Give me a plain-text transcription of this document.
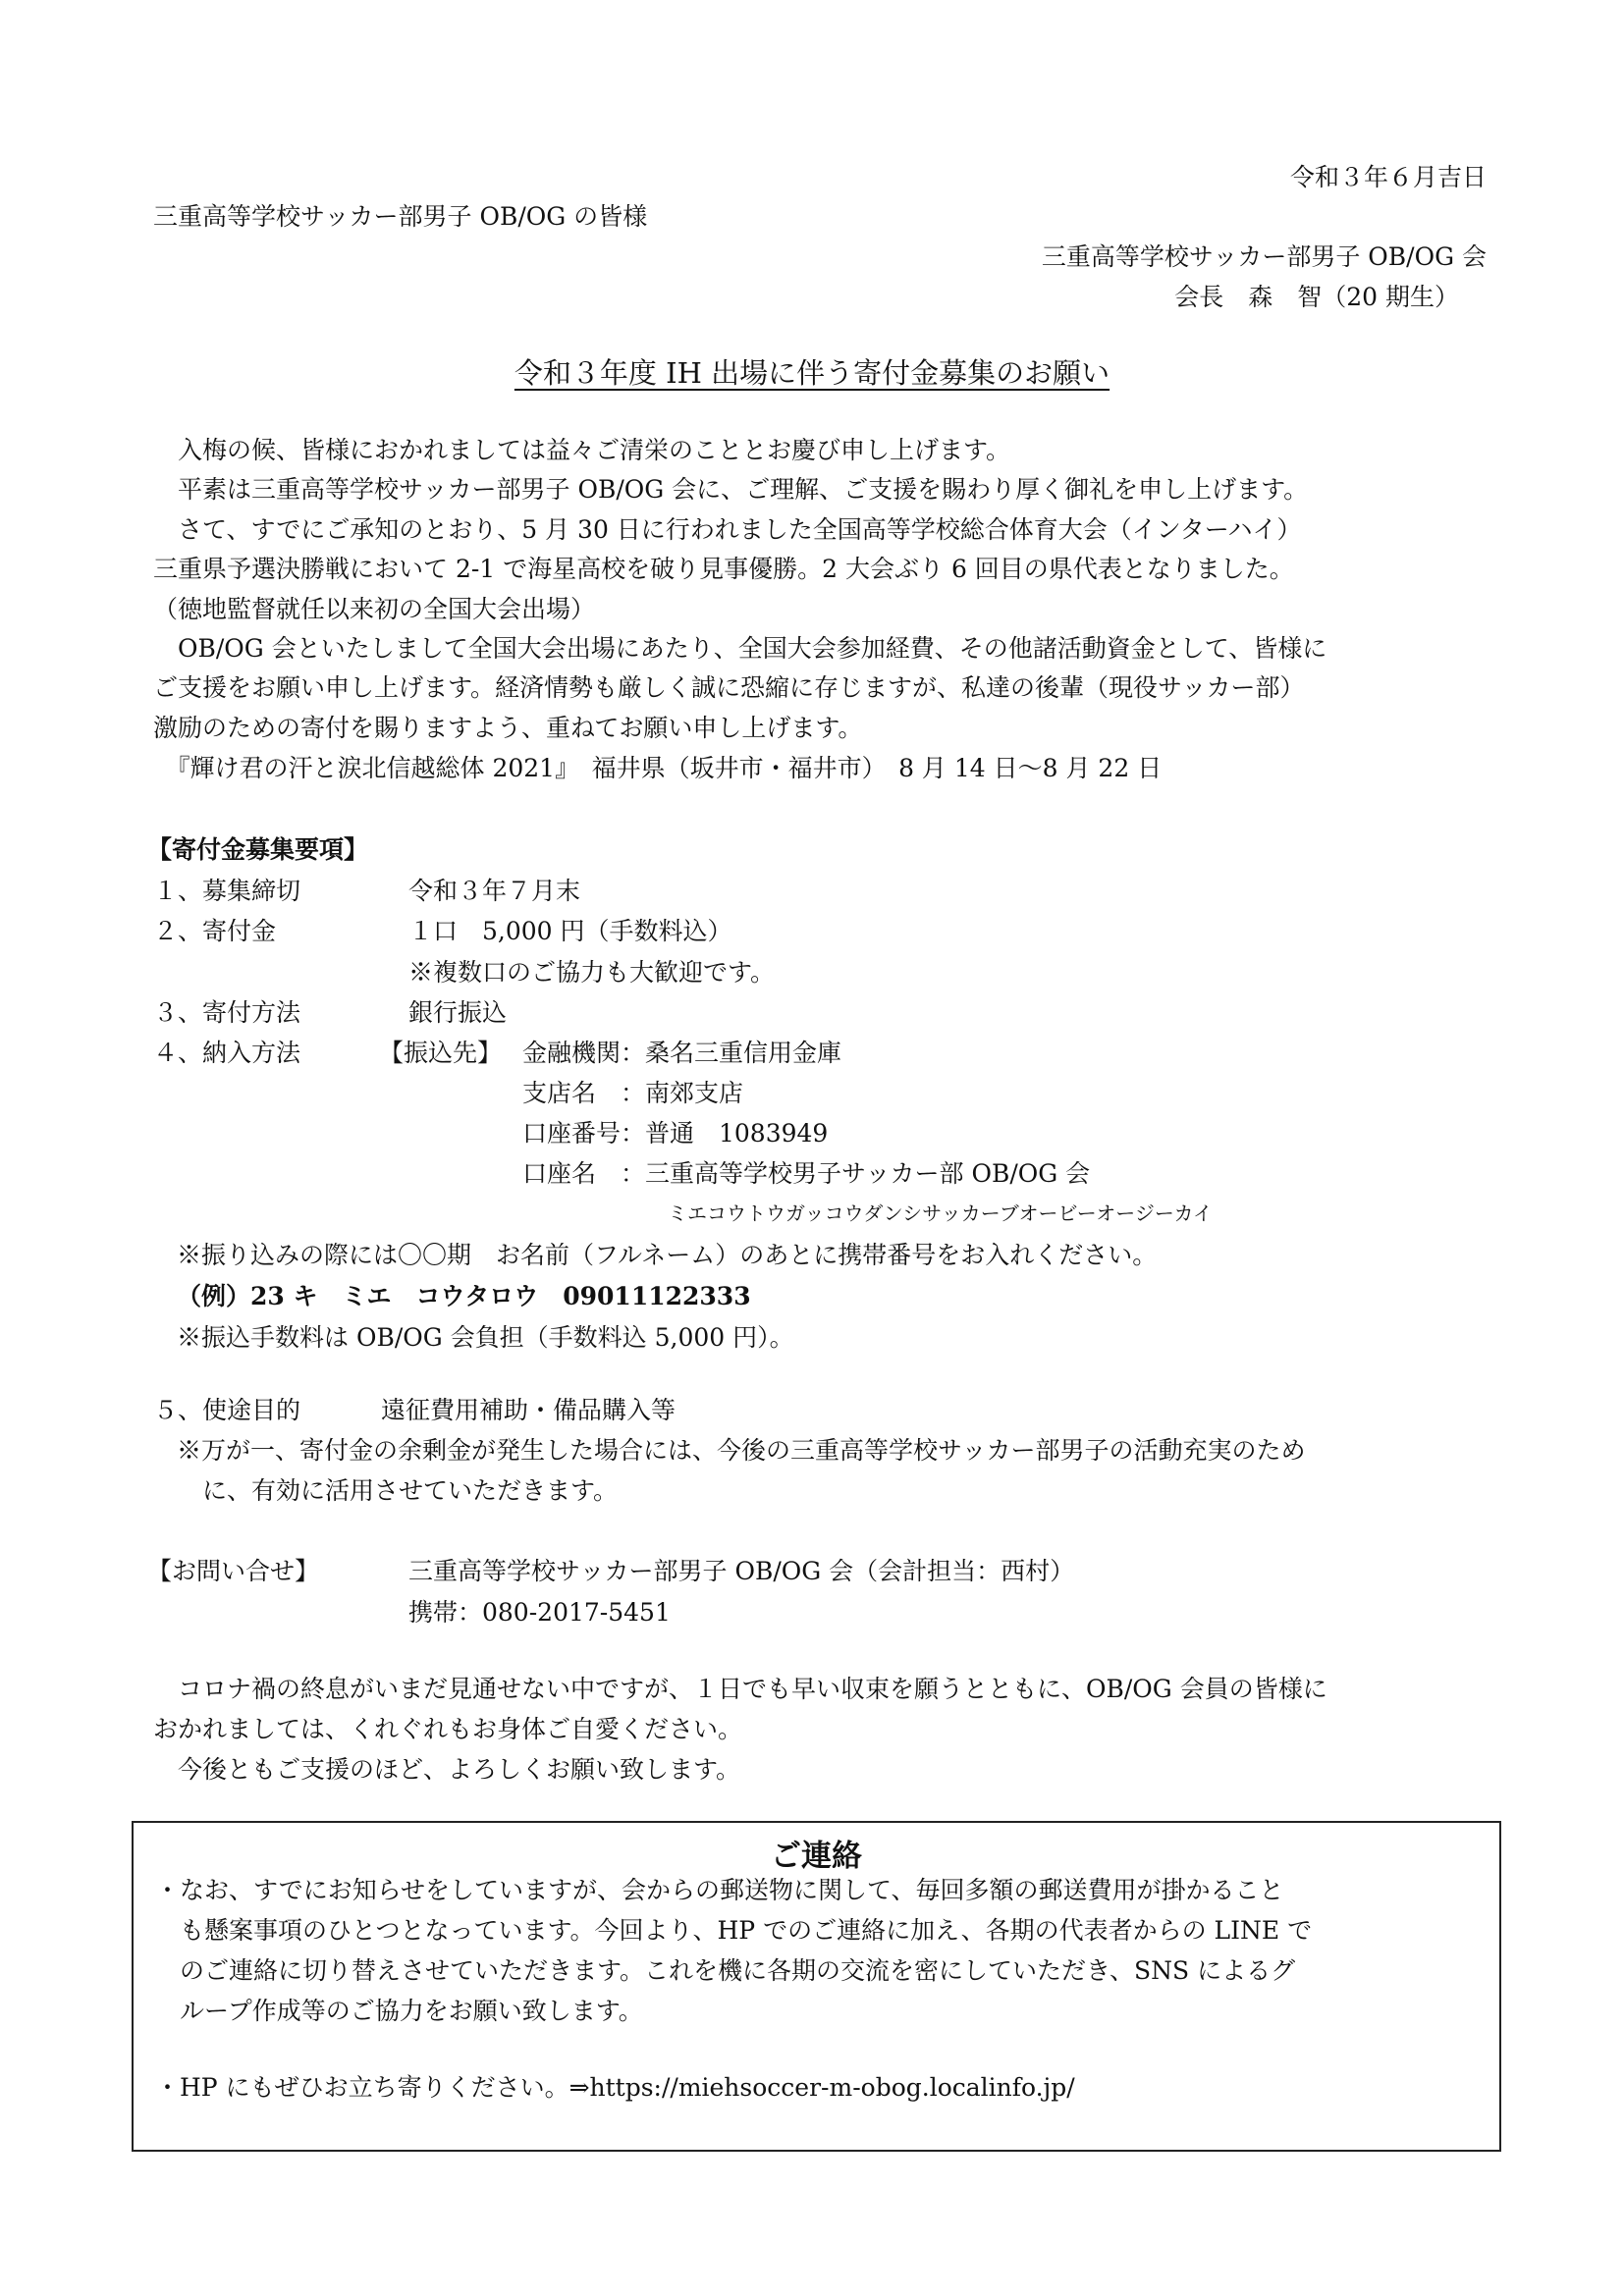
令和３年６月吉日
三重高等学校サッカー部男子 OB/OG の皆様
三重高等学校サッカー部男子 OB/OG 会
会長　森　智（20 期生）
令和３年度 IH 出場に伴う寄付金募集のお願い
　入梅の候、皆様におかれましては益々ご清栄のこととお慶び申し上げます。
　平素は三重高等学校サッカー部男子 OB/OG 会に、ご理解、ご支援を賜わり厚く御礼を申し上げます。
　さて、すでにご承知のとおり、5 月 30 日に行われました全国高等学校総合体育大会（インターハイ）
三重県予選決勝戦において 2-1 で海星高校を破り見事優勝。2 大会ぶり 6 回目の県代表となりました。
（徳地監督就任以来初の全国大会出場）
　OB/OG 会といたしまして全国大会出場にあたり、全国大会参加経費、その他諸活動資金として、皆様に
ご支援をお願い申し上げます。経済情勢も厳しく誠に恐縮に存じますが、私達の後輩（現役サッカー部）
激励のための寄付を賜りますよう、重ねてお願い申し上げます。
　『輝け君の汗と涙北信越総体 2021』　福井県（坂井市・福井市）　8 月 14 日〜8 月 22 日
【寄付金募集要項】
１、募集締切	令和３年７月末
２、寄付金	１口　5,000 円（手数料込）
※複数口のご協力も大歓迎です。
３、寄付方法	銀行振込
４、納入方法	【振込先】 金融機関：桑名三重信用金庫
支店名　：南郊支店
口座番号：普通　1083949
口座名　：三重高等学校男子サッカー部 OB/OG 会
ミエコウトウガッコウダンシサッカーブオービーオージーカイ
※振り込みの際には〇〇期　お名前（フルネーム）のあとに携帯番号をお入れください。
（例）23 キ　ミエ　コウタロウ　09011122333
※振込手数料は OB/OG 会負担（手数料込 5,000 円）。
５、使途目的	遠征費用補助・備品購入等
※万が一、寄付金の余剰金が発生した場合には、今後の三重高等学校サッカー部男子の活動充実のため
に、有効に活用させていただきます。
【お問い合せ】	三重高等学校サッカー部男子 OB/OG 会（会計担当：西村）
携帯：080-2017-5451
　コロナ禍の終息がいまだ見通せない中ですが、１日でも早い収束を願うとともに、OB/OG 会員の皆様に
おかれましては、くれぐれもお身体ご自愛ください。
　今後ともご支援のほど、よろしくお願い致します。
ご連絡
・なお、すでにお知らせをしていますが、会からの郵送物に関して、毎回多額の郵送費用が掛かること
　も懸案事項のひとつとなっています。今回より、HP でのご連絡に加え、各期の代表者からの LINE で
　のご連絡に切り替えさせていただきます。これを機に各期の交流を密にしていただき、SNS によるグ
　ループ作成等のご協力をお願い致します。
・HP にもぜひお立ち寄りください。⇒https://miehsoccer-m-obog.localinfo.jp/
